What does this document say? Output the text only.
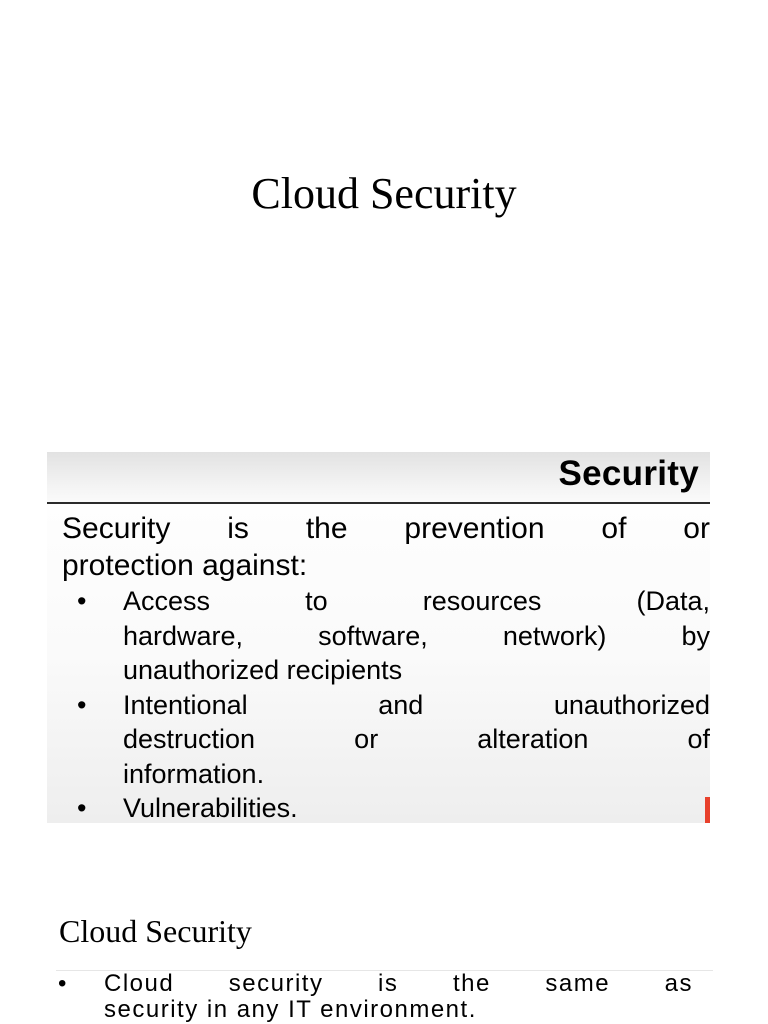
Cloud Security
Security

Security is the prevention of or
protection against:

• Access to resources (Data,
hardware, software, network) by
unauthorized recipients
• Intentional and unauthorized
destruction or alteration of
information.
• Vulnerabilities.
Cloud Security
• Cloud security is the same as
security in any IT environment.
